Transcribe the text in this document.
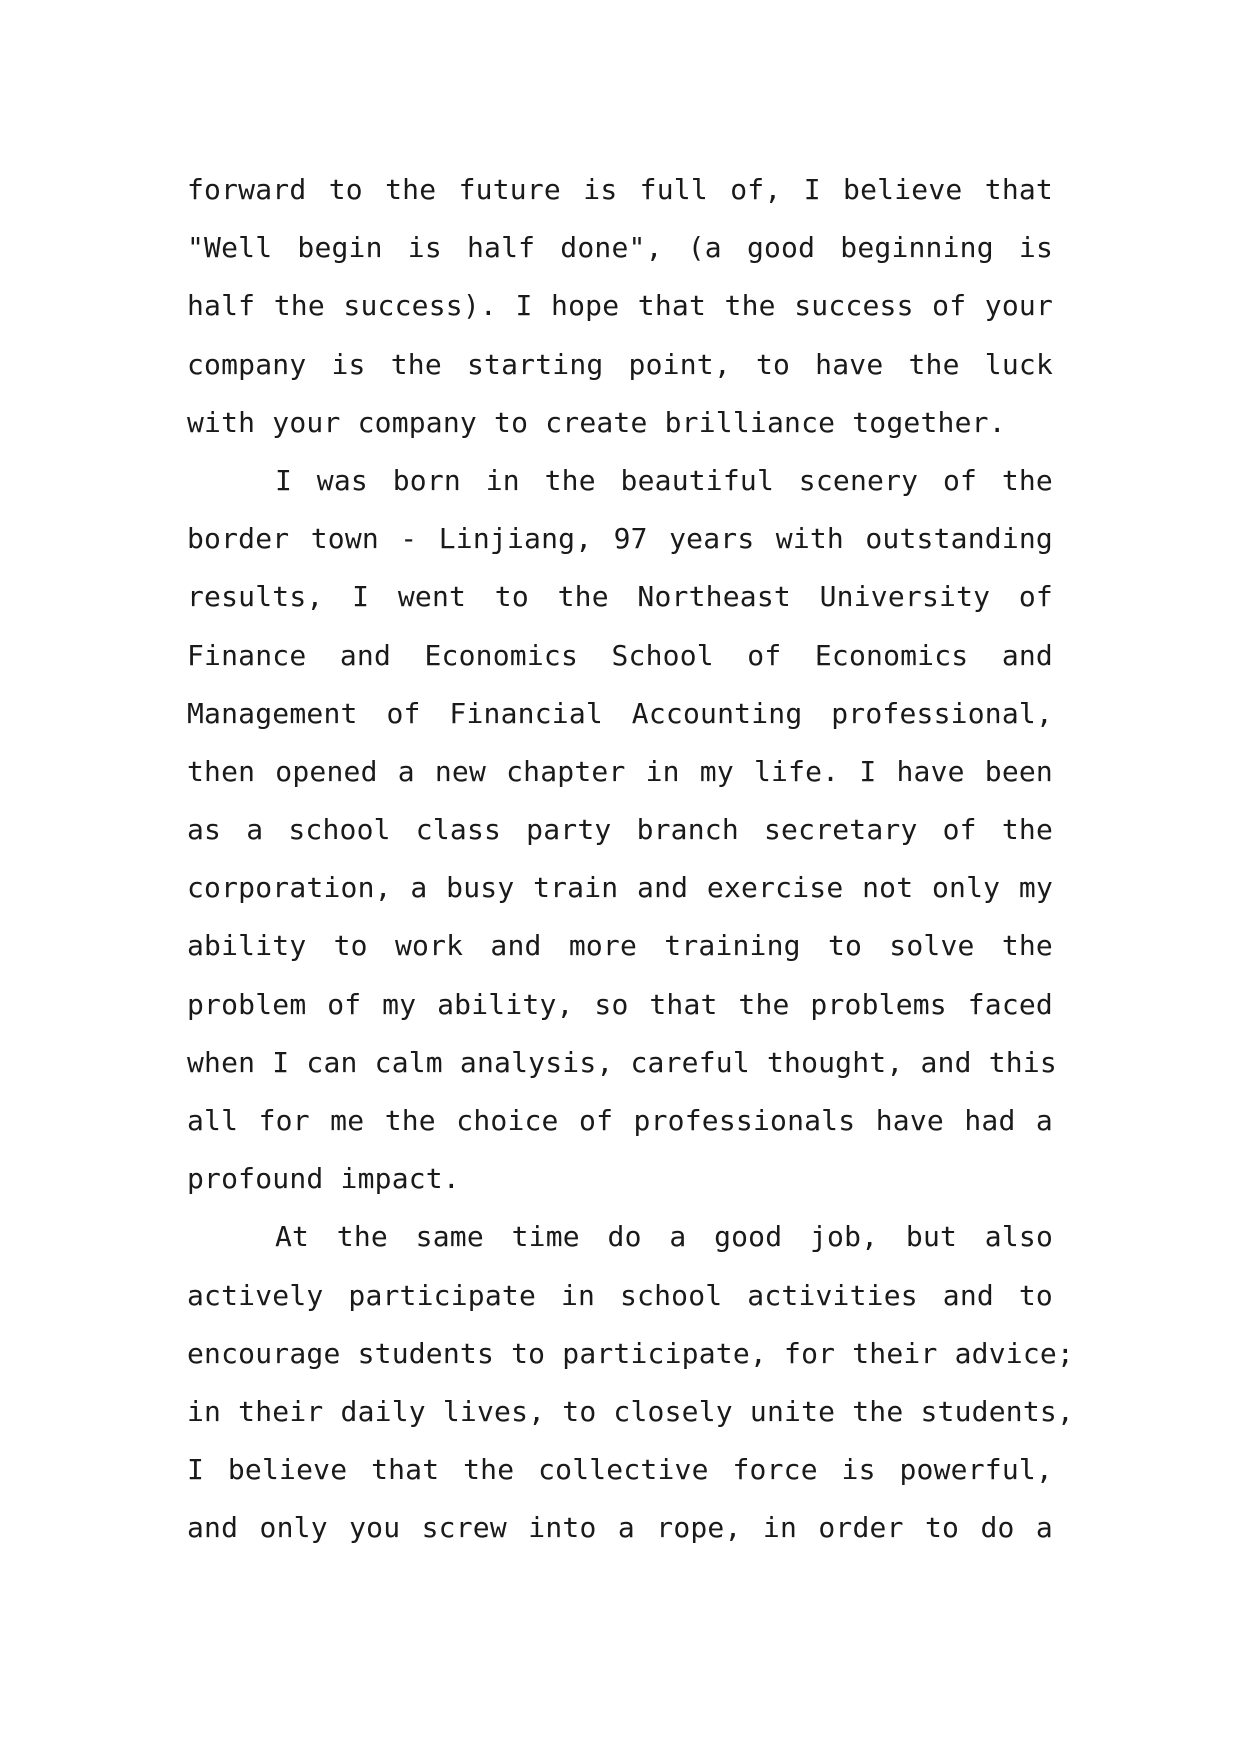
forward to the future is full of, I believe that
"Well begin is half done", (a good beginning is
half the success). I hope that the success of your
company is the starting point, to have the luck
with your company to create brilliance together.
I was born in the beautiful scenery of the
border town - Linjiang, 97 years with outstanding
results, I went to the Northeast University of
Finance and Economics School of Economics and
Management of Financial Accounting professional,
then opened a new chapter in my life. I have been
as a school class party branch secretary of the
corporation, a busy train and exercise not only my
ability to work and more training to solve the
problem of my ability, so that the problems faced
when I can calm analysis, careful thought, and this
all for me the choice of professionals have had a
profound impact.
At the same time do a good job, but also
actively participate in school activities and to
encourage students to participate, for their advice;
in their daily lives, to closely unite the students,
I believe that the collective force is powerful,
and only you screw into a rope, in order to do a
